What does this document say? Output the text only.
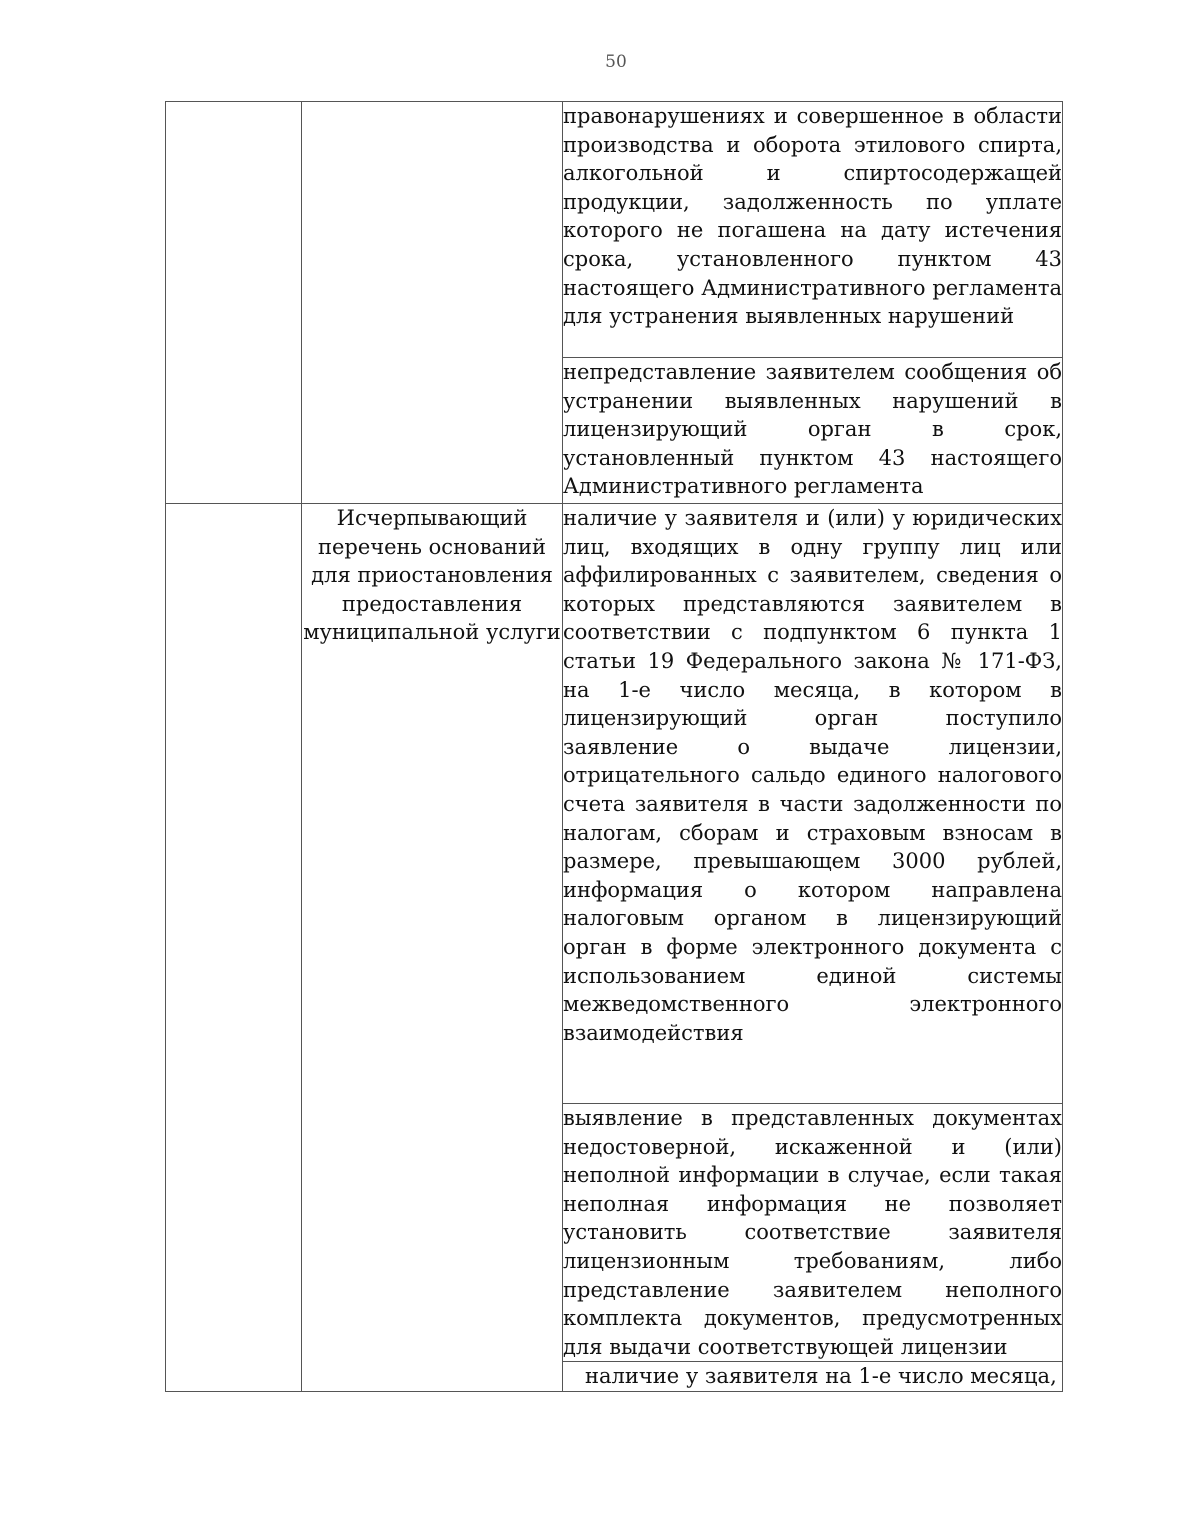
50
		правонарушениях и совершенное в области производства и оборота этилового спирта, алкогольной и спиртосодержащей продукции, задолженность по уплате которого не погашена на дату истечения срока, установленного пунктом 43 настоящего Административного регламента для устранения выявленных нарушений
		непредставление заявителем сообщения об устранении выявленных нарушений в лицензирующий орган в срок, установленный пунктом 43 настоящего Административного регламента
	Исчерпывающий перечень оснований для приостановления предоставления муниципальной услуги	наличие у заявителя и (или) у юридических лиц, входящих в одну группу лиц или аффилированных с заявителем, сведения о которых представляются заявителем в соответствии с подпунктом 6 пункта 1 статьи 19 Федерального закона № 171-ФЗ, на 1-е число месяца, в котором в лицензирующий орган поступило заявление о выдаче лицензии, отрицательного сальдо единого налогового счета заявителя в части задолженности по налогам, сборам и страховым взносам в размере, превышающем 3000 рублей, информация о котором направлена налоговым органом в лицензирующий орган в форме электронного документа с использованием единой системы межведомственного электронного взаимодействия
		выявление в представленных документах недостоверной, искаженной и (или) неполной информации в случае, если такая неполная информация не позволяет установить соответствие заявителя лицензионным требованиям, либо представление заявителем неполного комплекта документов, предусмотренных для выдачи соответствующей лицензии
		наличие у заявителя на 1-е число месяца,
